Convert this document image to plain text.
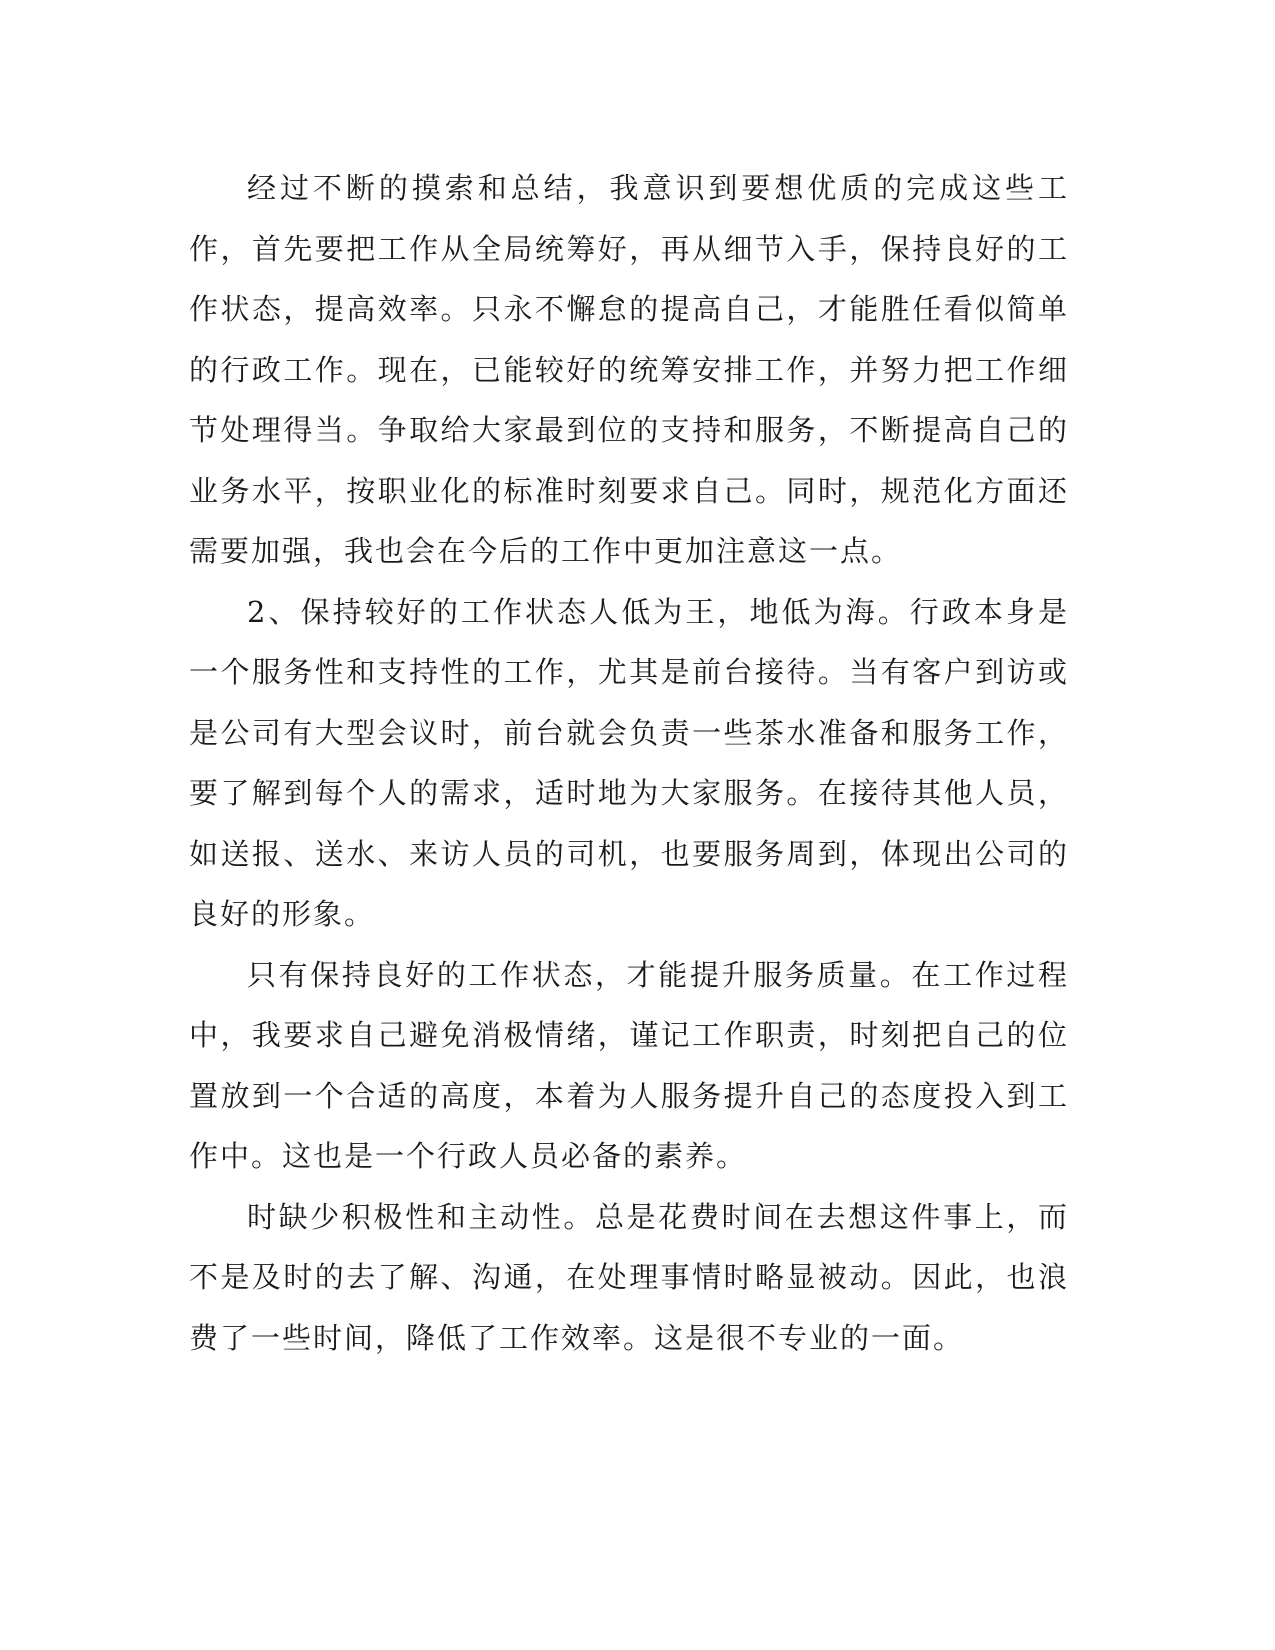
经过不断的摸索和总结，我意识到要想优质的完成这些工作，首先要把工作从全局统筹好，再从细节入手，保持良好的工作状态，提高效率。只永不懈怠的提高自己，才能胜任看似简单的行政工作。现在，已能较好的统筹安排工作，并努力把工作细节处理得当。争取给大家最到位的支持和服务，不断提高自己的业务水平，按职业化的标准时刻要求自己。同时，规范化方面还需要加强，我也会在今后的工作中更加注意这一点。

2、保持较好的工作状态人低为王，地低为海。行政本身是一个服务性和支持性的工作，尤其是前台接待。当有客户到访或是公司有大型会议时，前台就会负责一些茶水准备和服务工作，要了解到每个人的需求，适时地为大家服务。在接待其他人员，如送报、送水、来访人员的司机，也要服务周到，体现出公司的良好的形象。

只有保持良好的工作状态，才能提升服务质量。在工作过程中，我要求自己避免消极情绪，谨记工作职责，时刻把自己的位置放到一个合适的高度，本着为人服务提升自己的态度投入到工作中。这也是一个行政人员必备的素养。

时缺少积极性和主动性。总是花费时间在去想这件事上，而不是及时的去了解、沟通，在处理事情时略显被动。因此，也浪费了一些时间，降低了工作效率。这是很不专业的一面。
